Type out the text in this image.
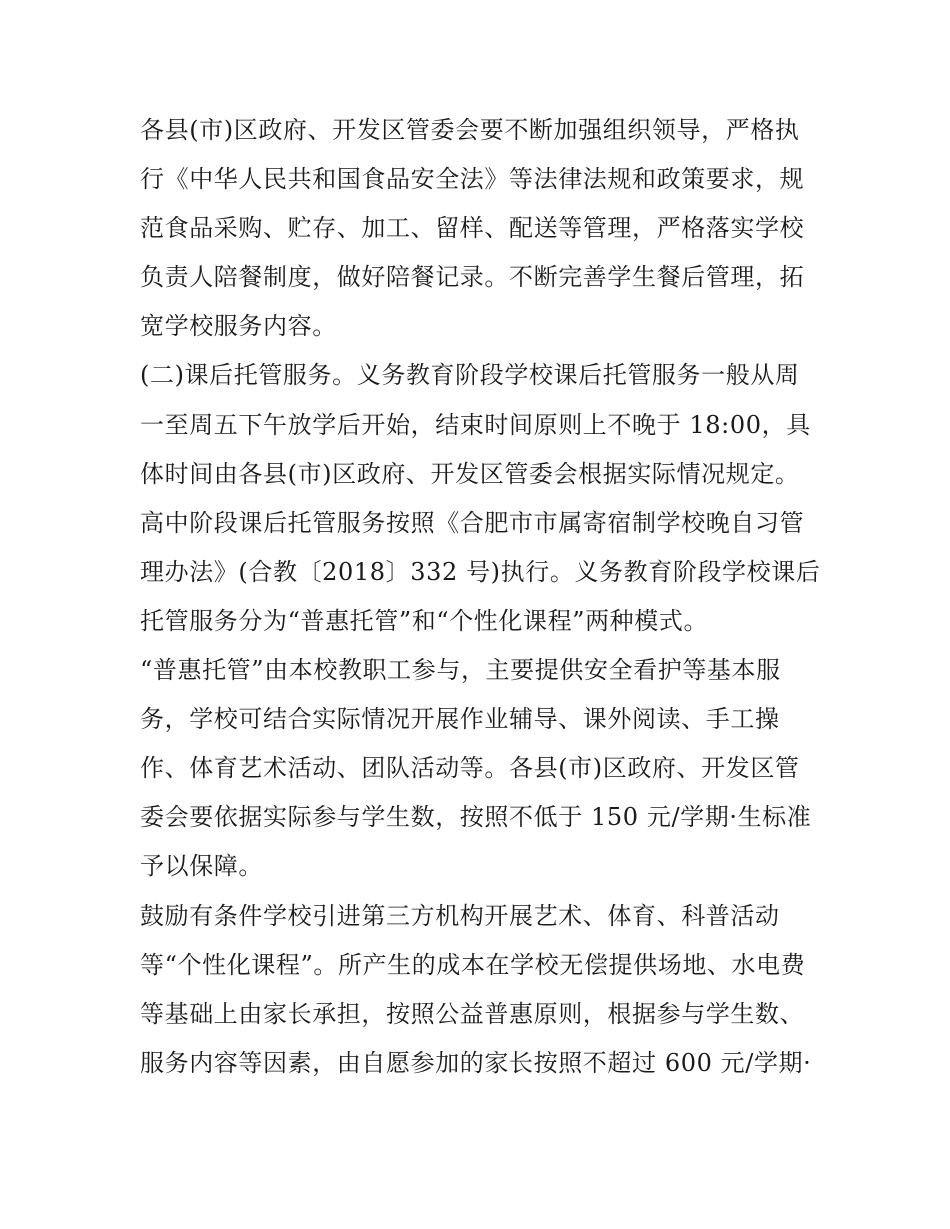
各县(市)区政府、开发区管委会要不断加强组织领导，严格执
行《中华人民共和国食品安全法》等法律法规和政策要求，规
范食品采购、贮存、加工、留样、配送等管理，严格落实学校
负责人陪餐制度，做好陪餐记录。不断完善学生餐后管理，拓
宽学校服务内容。
(二)课后托管服务。义务教育阶段学校课后托管服务一般从周
一至周五下午放学后开始，结束时间原则上不晚于 18:00，具
体时间由各县(市)区政府、开发区管委会根据实际情况规定。
高中阶段课后托管服务按照《合肥市市属寄宿制学校晚自习管
理办法》(合教〔2018〕332 号)执行。义务教育阶段学校课后
托管服务分为“普惠托管”和“个性化课程”两种模式。
“普惠托管”由本校教职工参与，主要提供安全看护等基本服
务，学校可结合实际情况开展作业辅导、课外阅读、手工操
作、体育艺术活动、团队活动等。各县(市)区政府、开发区管
委会要依据实际参与学生数，按照不低于 150 元/学期·生标准
予以保障。
鼓励有条件学校引进第三方机构开展艺术、体育、科普活动
等“个性化课程”。所产生的成本在学校无偿提供场地、水电费
等基础上由家长承担，按照公益普惠原则，根据参与学生数、
服务内容等因素，由自愿参加的家长按照不超过 600 元/学期·
